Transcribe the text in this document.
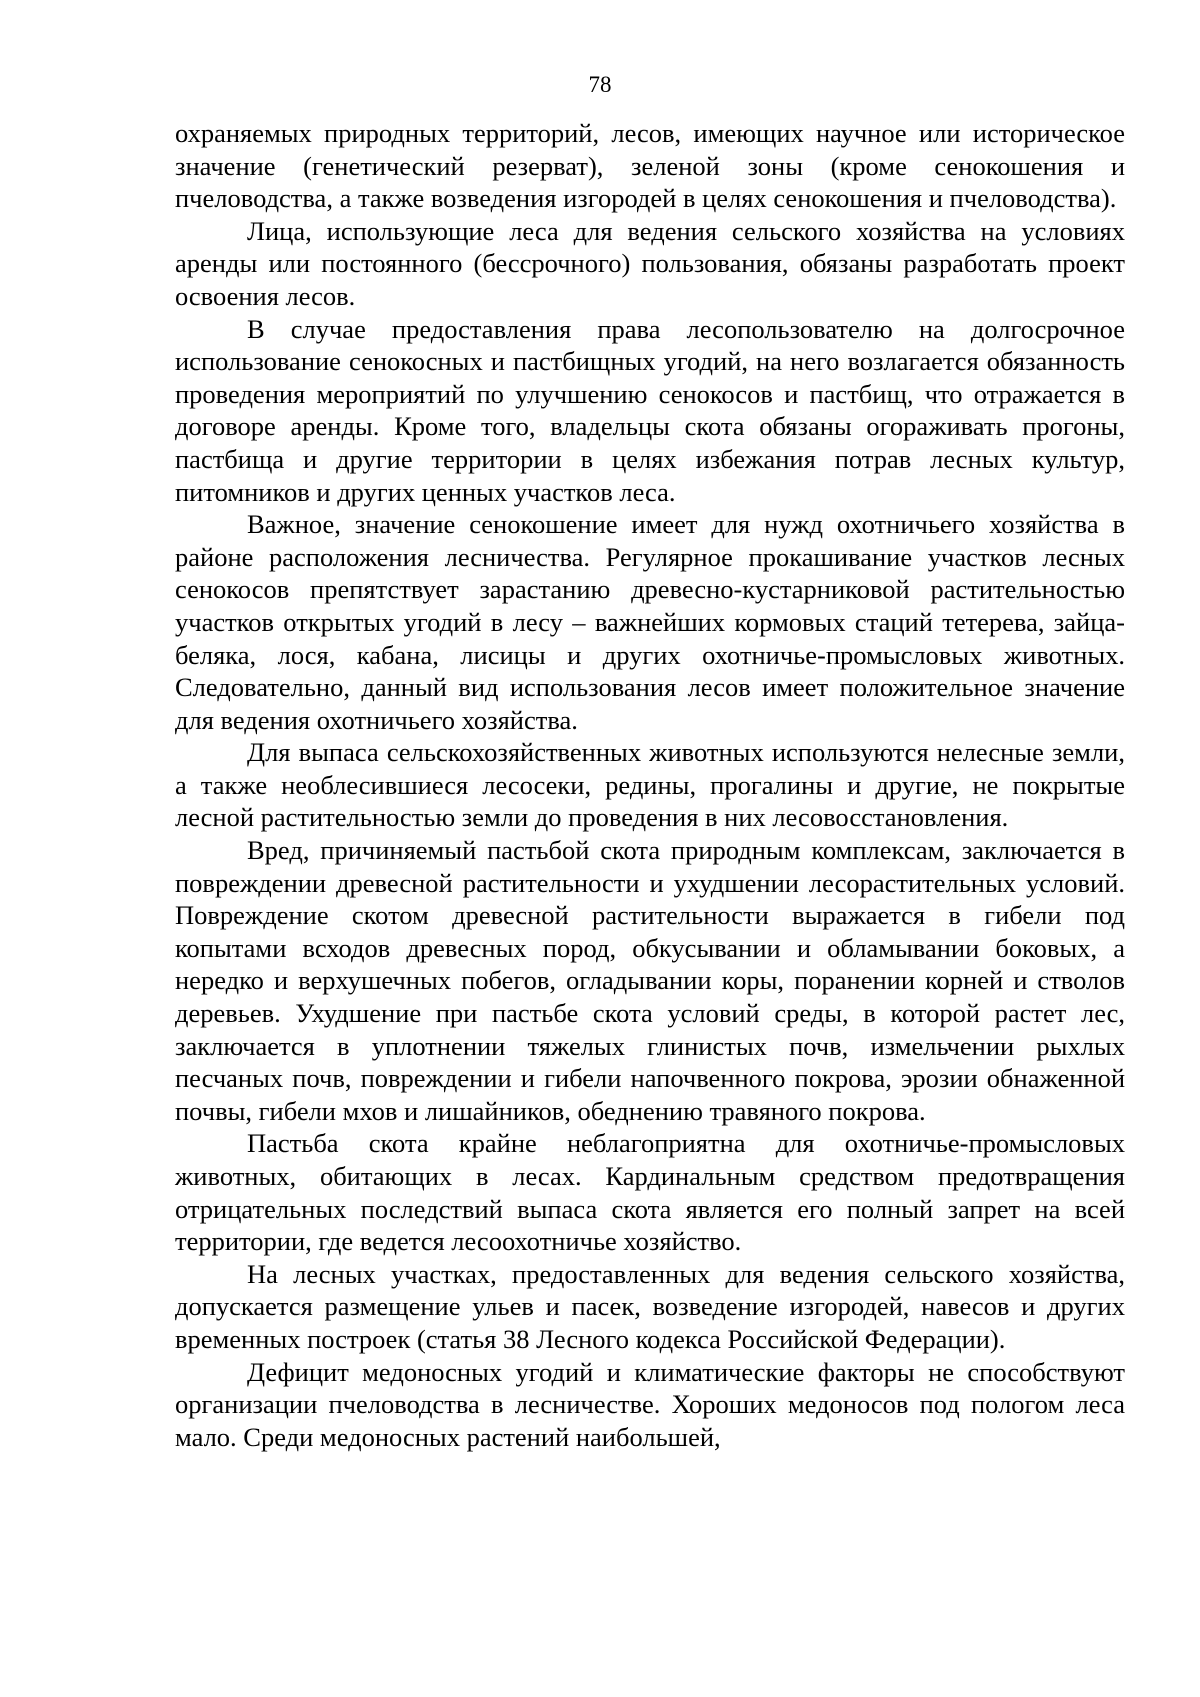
78

охраняемых природных территорий, лесов, имеющих научное или историческое значение (генетический резерват), зеленой зоны (кроме сенокошения и пчеловодства, а также возведения изгородей в целях сенокошения и пчеловодства).

Лица, использующие леса для ведения сельского хозяйства на условиях аренды или постоянного (бессрочного) пользования, обязаны разработать проект освоения лесов.

В случае предоставления права лесопользователю на долгосрочное использование сенокосных и пастбищных угодий, на него возлагается обязанность проведения мероприятий по улучшению сенокосов и пастбищ, что отражается в договоре аренды. Кроме того, владельцы скота обязаны огораживать прогоны, пастбища и другие территории в целях избежания потрав лесных культур, питомников и других ценных участков леса.

Важное, значение сенокошение имеет для нужд охотничьего хозяйства в районе расположения лесничества. Регулярное прокашивание участков лесных сенокосов препятствует зарастанию древесно-кустарниковой растительностью участков открытых угодий в лесу – важнейших кормовых стаций тетерева, зайца-беляка, лося, кабана, лисицы и других охотничье-промысловых животных. Следовательно, данный вид использования лесов имеет положительное значение для ведения охотничьего хозяйства.

Для выпаса сельскохозяйственных животных используются нелесные земли, а также необлесившиеся лесосеки, редины, прогалины и другие, не покрытые лесной растительностью земли до проведения в них лесовосстановления.

Вред, причиняемый пастьбой скота природным комплексам, заключается в повреждении древесной растительности и ухудшении лесорастительных условий. Повреждение скотом древесной растительности выражается в гибели под копытами всходов древесных пород, обкусывании и обламывании боковых, а нередко и верхушечных побегов, огладывании коры, поранении корней и стволов деревьев. Ухудшение при пастьбе скота условий среды, в которой растет лес, заключается в уплотнении тяжелых глинистых почв, измельчении рыхлых песчаных почв, повреждении и гибели напочвенного покрова, эрозии обнаженной почвы, гибели мхов и лишайников, обеднению травяного покрова.

Пастьба скота крайне неблагоприятна для охотничье-промысловых животных, обитающих в лесах. Кардинальным средством предотвращения отрицательных последствий выпаса скота является его полный запрет на всей территории, где ведется лесоохотничье хозяйство.

На лесных участках, предоставленных для ведения сельского хозяйства, допускается размещение ульев и пасек, возведение изгородей, навесов и других временных построек (статья 38 Лесного кодекса Российской Федерации).

Дефицит медоносных угодий и климатические факторы не способствуют организации пчеловодства в лесничестве. Хороших медоносов под пологом леса мало. Среди медоносных растений наибольшей,
